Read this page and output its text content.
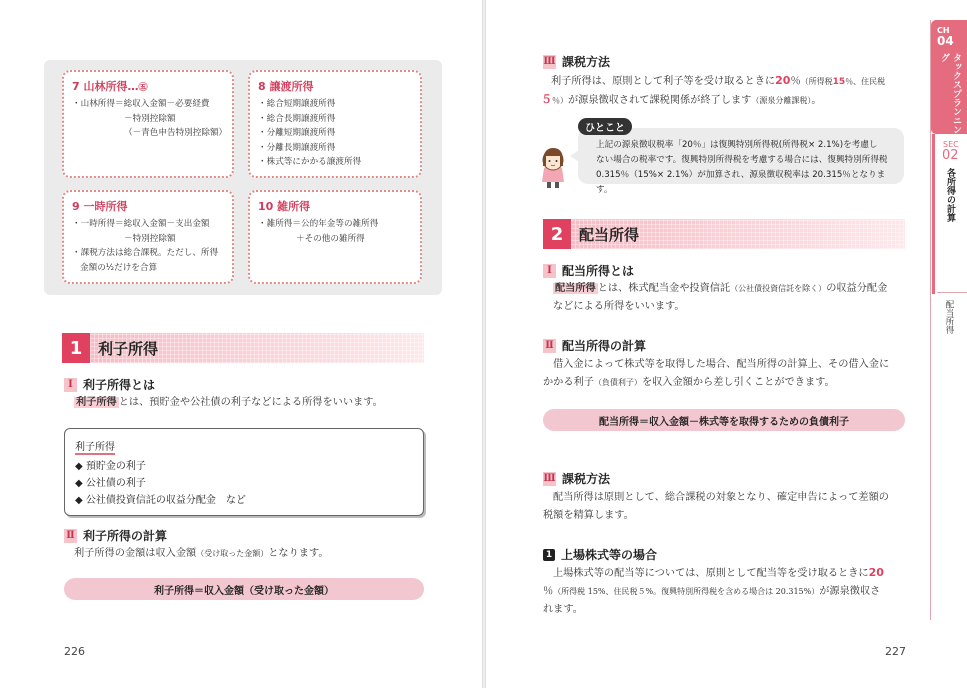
7 山林所得…㊄
・山林所得＝総収入金額－必要経費
－特別控除額
（－青色申告特別控除額）
8 譲渡所得
・総合短期譲渡所得
・総合長期譲渡所得
・分離短期譲渡所得
・分離長期譲渡所得
・株式等にかかる譲渡所得
9 一時所得
・一時所得＝総収入金額－支出金額
－特別控除額
・課税方法は総合課税。ただし、所得
金額の½だけを合算
10 雑所得
・雑所得＝公的年金等の雑所得
＋その他の雑所得
1	利子所得
Ⅰ 利子所得とは
利子所得 とは、預貯金や公社債の利子などによる所得をいいます。
利子所得
◆ 預貯金の利子
◆ 公社債の利子
◆ 公社債投資信託の収益分配金　など
Ⅱ 利子所得の計算
利子所得の金額は収入金額（受け取った金額）となります。
利子所得＝収入金額（受け取った金額）
226
Ⅲ 課税方法
利子所得は、原則として利子等を受け取るときに20％（所得税15％、住民税
５％）が源泉徴収されて課税関係が終了します（源泉分離課税）。
上記の源泉徴収税率「20％」は復興特別所得税(所得税× 2.1%)を考慮し
ない場合の税率です。復興特別所得税を考慮する場合には、復興特別所得税
0.315％（15%× 2.1%）が加算され、源泉徴収税率は 20.315％となります。
ひとこと
2	配当所得
Ⅰ 配当所得とは
配当所得 とは、株式配当金や投資信託（公社債投資信託を除く）の収益分配金
などによる所得をいいます。
Ⅱ 配当所得の計算
借入金によって株式等を取得した場合、配当所得の計算上、その借入金に
かかる利子（負債利子）を収入金額から差し引くことができます。
配当所得＝収入金額－株式等を取得するための負債利子
Ⅲ 課税方法
配当所得は原則として、総合課税の対象となり、確定申告によって差額の
税額を精算します。
1 上場株式等の場合
上場株式等の配当等については、原則として配当等を受け取るときに20
％（所得税 15%、住民税５%。復興特別所得税を含める場合は 20.315%）が源泉徴収さ
れます。
227
CH
04
タックスプランニング
SEC
02
各所得の計算
配当所得
